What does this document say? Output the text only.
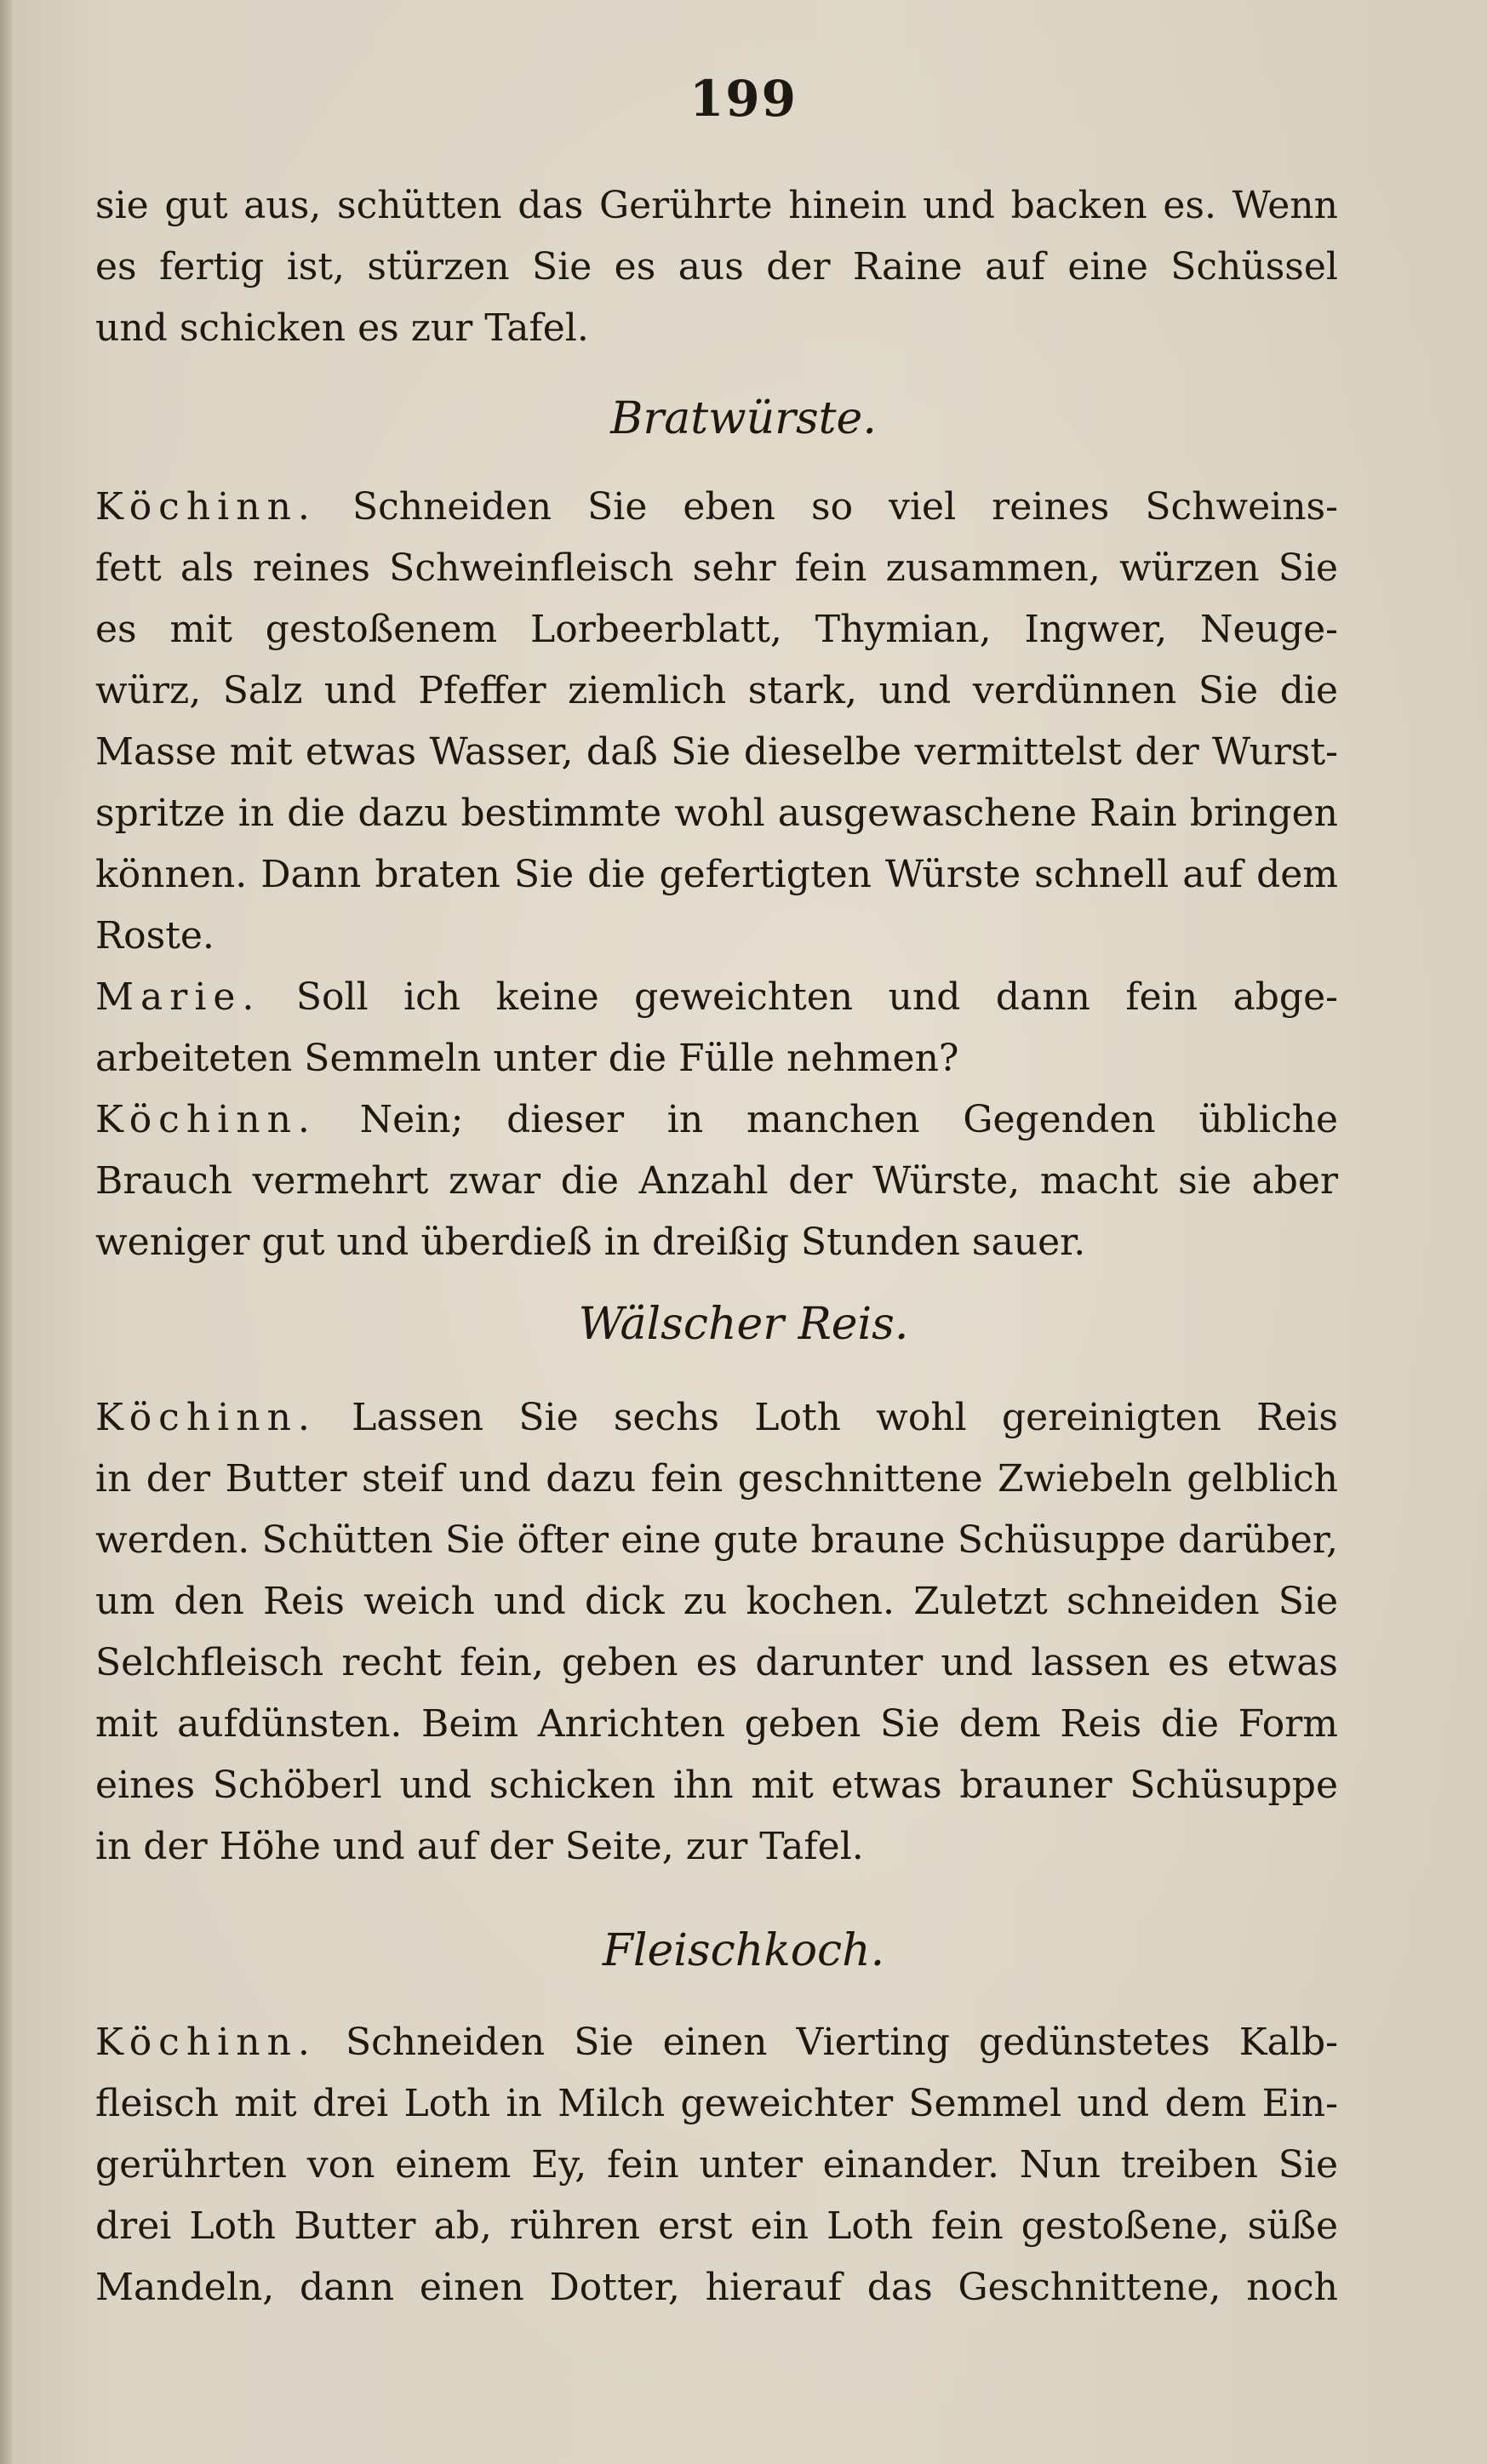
199
sie gut aus, schütten das Gerührte hinein und backen es. Wenn
es fertig ist, stürzen Sie es aus der Raine auf eine Schüssel
und schicken es zur Tafel.
Bratwürste.
Köchinn. Schneiden Sie eben so viel reines Schweins-
fett als reines Schweinfleisch sehr fein zusammen, würzen Sie
es mit gestoßenem Lorbeerblatt, Thymian, Ingwer, Neuge-
würz, Salz und Pfeffer ziemlich stark, und verdünnen Sie die
Masse mit etwas Wasser, daß Sie dieselbe vermittelst der Wurst-
spritze in die dazu bestimmte wohl ausgewaschene Rain bringen
können. Dann braten Sie die gefertigten Würste schnell auf dem
Roste.
Marie. Soll ich keine geweichten und dann fein abge-
arbeiteten Semmeln unter die Fülle nehmen?
Köchinn. Nein; dieser in manchen Gegenden übliche
Brauch vermehrt zwar die Anzahl der Würste, macht sie aber
weniger gut und überdieß in dreißig Stunden sauer.
Wälscher Reis.
Köchinn. Lassen Sie sechs Loth wohl gereinigten Reis
in der Butter steif und dazu fein geschnittene Zwiebeln gelblich
werden. Schütten Sie öfter eine gute braune Schüsuppe darüber,
um den Reis weich und dick zu kochen. Zuletzt schneiden Sie
Selchfleisch recht fein, geben es darunter und lassen es etwas
mit aufdünsten. Beim Anrichten geben Sie dem Reis die Form
eines Schöberl und schicken ihn mit etwas brauner Schüsuppe
in der Höhe und auf der Seite, zur Tafel.
Fleischkoch.
Köchinn. Schneiden Sie einen Vierting gedünstetes Kalb-
fleisch mit drei Loth in Milch geweichter Semmel und dem Ein-
gerührten von einem Ey, fein unter einander. Nun treiben Sie
drei Loth Butter ab, rühren erst ein Loth fein gestoßene, süße
Mandeln, dann einen Dotter, hierauf das Geschnittene, noch
